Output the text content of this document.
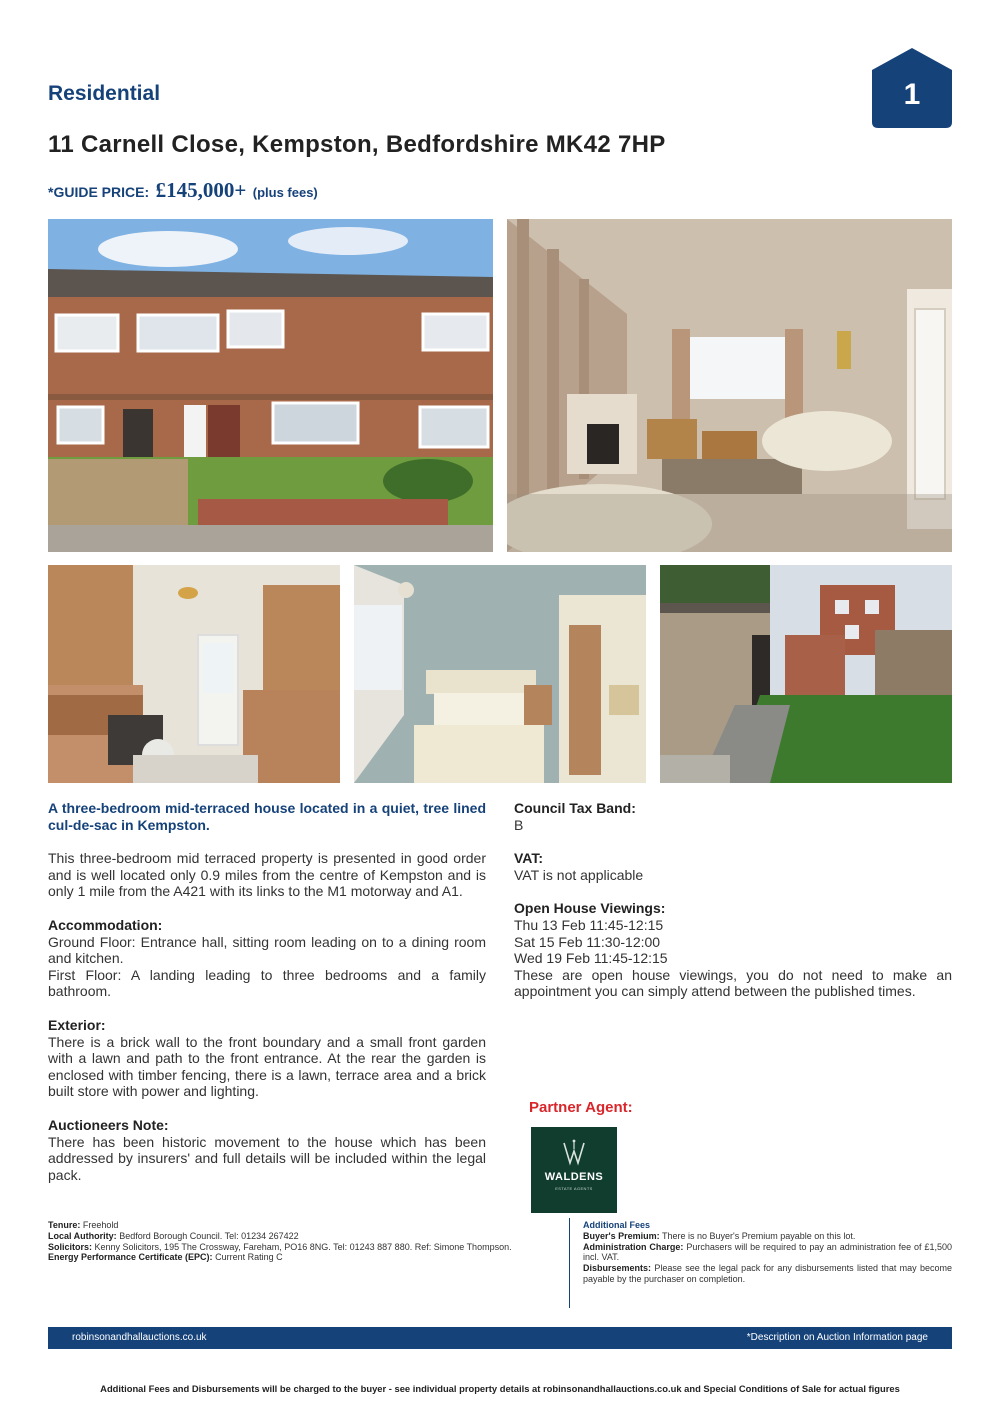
Residential	1
11 Carnell Close, Kempston, Bedfordshire MK42 7HP
*GUIDE PRICE: £145,000+ (plus fees)

A three-bedroom mid-terraced house located in a quiet, tree lined cul-de-sac in Kempston.

This three-bedroom mid terraced property is presented in good order and is well located only 0.9 miles from the centre of Kempston and is only 1 mile from the A421 with its links to the M1 motorway and A1.

Accommodation:

Ground Floor: Entrance hall, sitting room leading on to a dining room and kitchen.

First Floor: A landing leading to three bedrooms and a family bathroom.

Exterior:

There is a brick wall to the front boundary and a small front garden with a lawn and path to the front entrance. At the rear the garden is enclosed with timber fencing, there is a lawn, terrace area and a brick built store with power and lighting.

Auctioneers Note:

There has been historic movement to the house which has been addressed by insurers' and full details will be included within the legal pack.

Council Tax Band:
B
VAT:
VAT is not applicable
Open House Viewings:
Thu 13 Feb 11:45-12:15
Sat 15 Feb 11:30-12:00
Wed 19 Feb 11:45-12:15

These are open house viewings, you do not need to make an appointment you can simply attend between the published times.

Partner Agent:
WALDENS
ESTATE AGENTS

Tenure: Freehold

Local Authority: Bedford Borough Council. Tel: 01234 267422

Solicitors: Kenny Solicitors, 195 The Crossway, Fareham, PO16 8NG. Tel: 01243 887 880. Ref: Simone Thompson.

Energy Performance Certificate (EPC): Current Rating C

Additional Fees

Buyer's Premium: There is no Buyer's Premium payable on this lot.

Administration Charge: Purchasers will be required to pay an administration fee of £1,500 incl. VAT.

Disbursements: Please see the legal pack for any disbursements listed that may become payable by the purchaser on completion.

robinsonandhallauctions.co.uk	*Description on Auction Information page
Additional Fees and Disbursements will be charged to the buyer - see individual property details at robinsonandhallauctions.co.uk and Special Conditions of Sale for actual figures
